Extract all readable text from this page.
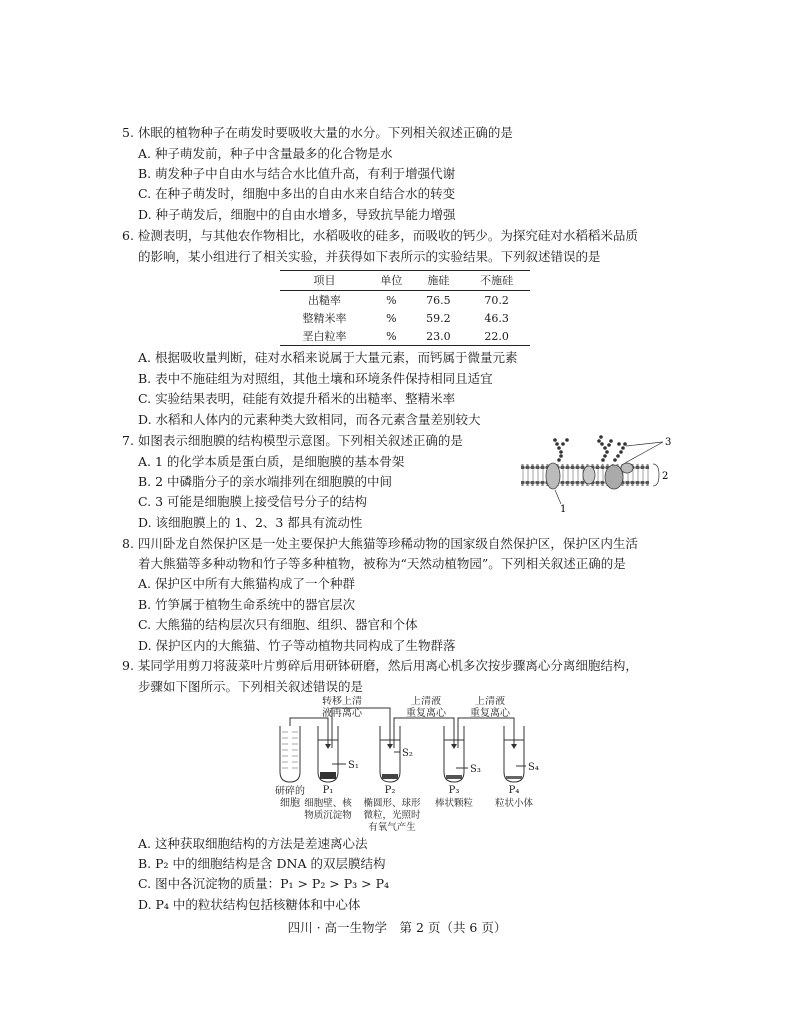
5. 休眠的植物种子在萌发时要吸收大量的水分。下列相关叙述正确的是
A. 种子萌发前，种子中含量最多的化合物是水
B. 萌发种子中自由水与结合水比值升高，有利于增强代谢
C. 在种子萌发时，细胞中多出的自由水来自结合水的转变
D. 种子萌发后，细胞中的自由水增多，导致抗旱能力增强
6. 检测表明，与其他农作物相比，水稻吸收的硅多，而吸收的钙少。为探究硅对水稻稻米品质
的影响，某小组进行了相关实验，并获得如下表所示的实验结果。下列叙述错误的是
项目	单位	施硅	不施硅
出糙率	%	76.5	70.2
整精米率	%	59.2	46.3
垩白粒率	%	23.0	22.0
A. 根据吸收量判断，硅对水稻来说属于大量元素，而钙属于微量元素
B. 表中不施硅组为对照组，其他土壤和环境条件保持相同且适宜
C. 实验结果表明，硅能有效提升稻米的出糙率、整精米率
D. 水稻和人体内的元素种类大致相同，而各元素含量差别较大
7. 如图表示细胞膜的结构模型示意图。下列相关叙述正确的是
A. 1 的化学本质是蛋白质，是细胞膜的基本骨架
B. 2 中磷脂分子的亲水端排列在细胞膜的中间
C. 3 可能是细胞膜上接受信号分子的结构
D. 该细胞膜上的 1、2、3 都具有流动性
3
2
1
8. 四川卧龙自然保护区是一处主要保护大熊猫等珍稀动物的国家级自然保护区，保护区内生活
着大熊猫等多种动物和竹子等多种植物，被称为“天然动植物园”。下列相关叙述正确的是
A. 保护区中所有大熊猫构成了一个种群
B. 竹笋属于植物生命系统中的器官层次
C. 大熊猫的结构层次只有细胞、组织、器官和个体
D. 保护区内的大熊猫、竹子等动植物共同构成了生物群落
9. 某同学用剪刀将菠菜叶片剪碎后用研钵研磨，然后用离心机多次按步骤离心分离细胞结构，
步骤如下图所示。下列相关叙述错误的是
转移上清
液再离心
上清液
重复离心
上清液
重复离心
S₁
S₂
S₃	S₄
研碎的
细胞
P₁
细胞壁、核
物质沉淀物
P₂
椭圆形、球形
微粒，光照时
有氧气产生
P₃
棒状颗粒
P₄
粒状小体
A. 这种获取细胞结构的方法是差速离心法
B. P₂ 中的细胞结构是含 DNA 的双层膜结构
C. 图中各沉淀物的质量：P₁ > P₂ > P₃ > P₄
D. P₄ 中的粒状结构包括核糖体和中心体
四川 · 高一生物学　第 2 页（共 6 页）
